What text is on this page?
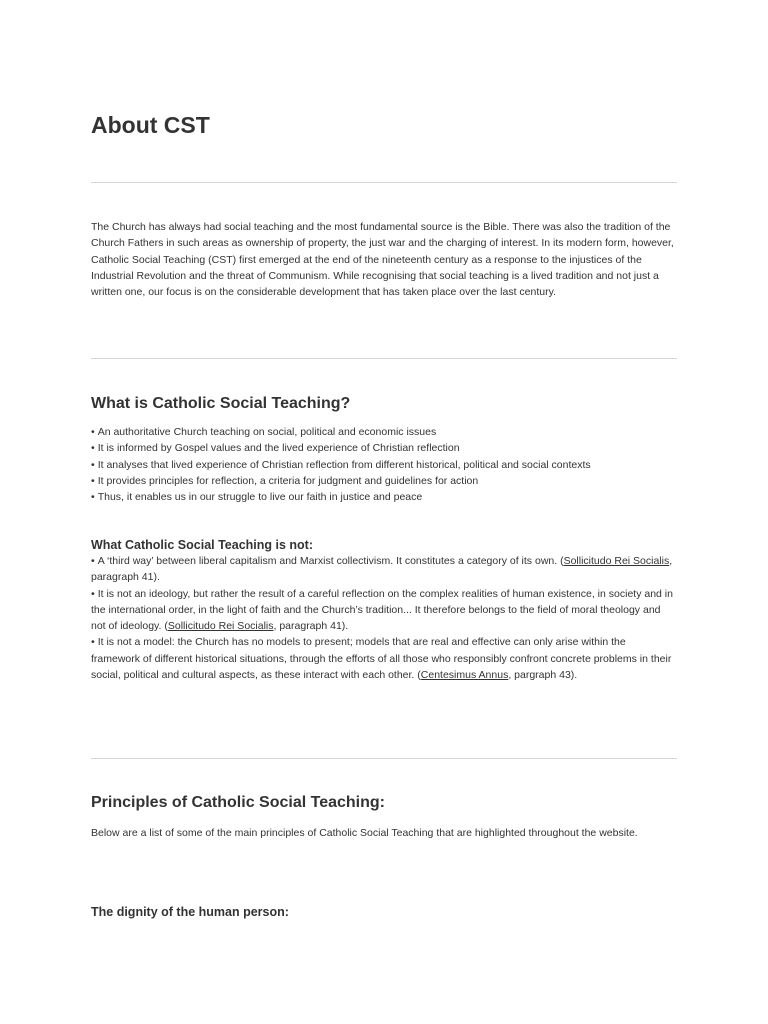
About CST

The Church has always had social teaching and the most fundamental source is the Bible. There was also the tradition of the Church Fathers in such areas as ownership of property, the just war and the charging of interest. In its modern form, however, Catholic Social Teaching (CST) first emerged at the end of the nineteenth century as a response to the injustices of the Industrial Revolution and the threat of Communism. While recognising that social teaching is a lived tradition and not just a written one, our focus is on the considerable development that has taken place over the last century.

What is Catholic Social Teaching?
• An authoritative Church teaching on social, political and economic issues
• It is informed by Gospel values and the lived experience of Christian reflection
• It analyses that lived experience of Christian reflection from different historical, political and social contexts
• It provides principles for reflection, a criteria for judgment and guidelines for action
• Thus, it enables us in our struggle to live our faith in justice and peace
What Catholic Social Teaching is not:

• A ‘third way’ between liberal capitalism and Marxist collectivism. It constitutes a category of its own. (Sollicitudo Rei Socialis, paragraph 41).

• It is not an ideology, but rather the result of a careful reflection on the complex realities of human existence, in society and in the international order, in the light of faith and the Church’s tradition... It therefore belongs to the field of moral theology and not of ideology. (Sollicitudo Rei Socialis, paragraph 41).

• It is not a model: the Church has no models to present; models that are real and effective can only arise within the framework of different historical situations, through the efforts of all those who responsibly confront concrete problems in their social, political and cultural aspects, as these interact with each other. (Centesimus Annus, pargraph 43).

Principles of Catholic Social Teaching:

Below are a list of some of the main principles of Catholic Social Teaching that are highlighted throughout the website.

The dignity of the human person:
